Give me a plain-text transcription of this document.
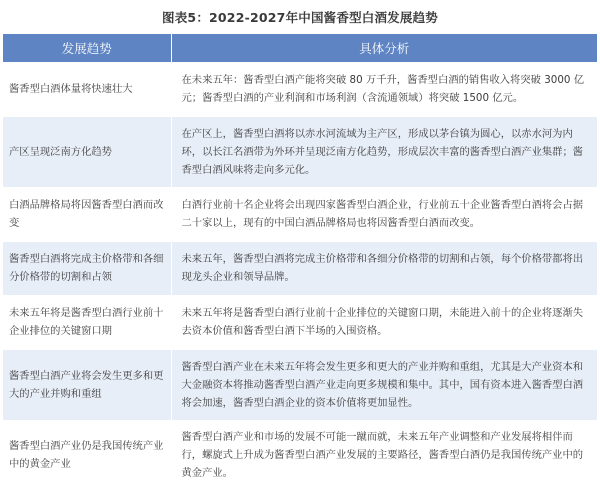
图表5：2022-2027年中国酱香型白酒发展趋势
发展趋势	具体分析
酱香型白酒体量将快速壮大	在未来五年：酱香型白酒产能将突破 80 万千升，酱香型白酒的销售收入将突破 3000 亿元；酱香型白酒的产业利润和市场利润（含流通领域）将突破 1500 亿元。
产区呈现泛南方化趋势	在产区上，酱香型白酒将以赤水河流域为主产区，形成以茅台镇为圆心，以赤水河为内环，以长江名酒带为外环并呈现泛南方化趋势，形成层次丰富的酱香型白酒产业集群；酱香型白酒风味将走向多元化。
白酒品牌格局将因酱香型白酒而改变	白酒行业前十名企业将会出现四家酱香型白酒企业，行业前五十企业酱香型白酒将会占据二十家以上，现有的中国白酒品牌格局也将因酱香型白酒而改变。
酱香型白酒将完成主价格带和各细分价格带的切割和占领	未来五年，酱香型白酒将完成主价格带和各细分价格带的切割和占领，每个价格带都将出现龙头企业和领导品牌。
未来五年将是酱香型白酒行业前十企业排位的关键窗口期	未来五年将是酱香型白酒行业前十企业排位的关键窗口期，未能进入前十的企业将逐渐失去资本价值和酱香型白酒下半场的入围资格。
酱香型白酒产业将会发生更多和更大的产业并购和重组	酱香型白酒产业在未来五年将会发生更多和更大的产业并购和重组，尤其是大产业资本和大金融资本将推动酱香型白酒产业走向更多规模和集中。其中，国有资本进入酱香型白酒将会加速，酱香型白酒企业的资本价值将更加显性。
酱香型白酒产业仍是我国传统产业中的黄金产业	酱香型白酒产业和市场的发展不可能一蹴而就，未来五年产业调整和产业发展将相伴而行，螺旋式上升成为酱香型白酒产业发展的主要路径，酱香型白酒仍是我国传统产业中的黄金产业。
